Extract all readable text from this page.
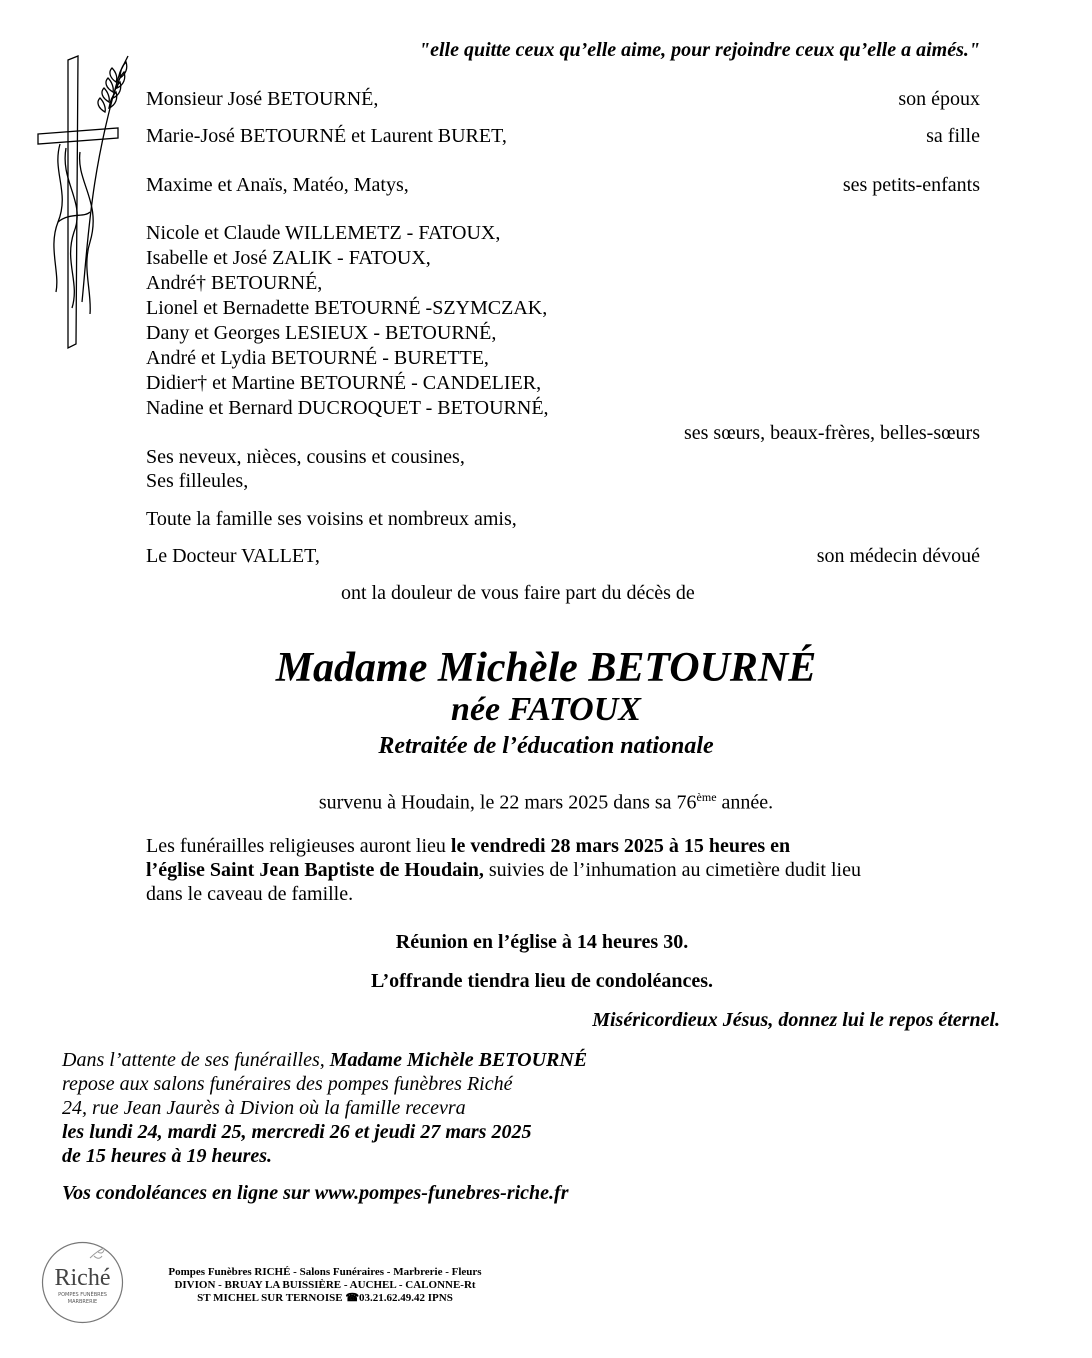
"elle quitte ceux qu’elle aime, pour rejoindre ceux qu’elle a aimés."
Monsieur José BETOURNÉ,	son époux
Marie-José BETOURNÉ et Laurent BURET,	sa fille
Maxime et Anaïs, Matéo, Matys,	ses petits-enfants
Nicole et Claude WILLEMETZ - FATOUX,
Isabelle et José ZALIK - FATOUX,
André† BETOURNÉ,
Lionel et Bernadette BETOURNÉ -SZYMCZAK,
Dany et Georges LESIEUX - BETOURNÉ,
André et Lydia BETOURNÉ - BURETTE,
Didier† et Martine BETOURNÉ - CANDELIER,
Nadine et Bernard DUCROQUET - BETOURNÉ,
ses sœurs, beaux-frères, belles-sœurs
Ses neveux, nièces, cousins et cousines,
Ses filleules,
Toute la famille ses voisins et nombreux amis,
Le Docteur VALLET,	son médecin dévoué
ont la douleur de vous faire part du décès de
Madame Michèle BETOURNÉ
née FATOUX
Retraitée de l’éducation nationale
survenu à Houdain, le 22 mars 2025 dans sa 76ème année.
Les funérailles religieuses auront lieu le vendredi 28 mars 2025 à 15 heures en
l’église Saint Jean Baptiste de Houdain, suivies de l’inhumation au cimetière dudit lieu
dans le caveau de famille.
Réunion en l’église à 14 heures 30.
L’offrande tiendra lieu de condoléances.
Miséricordieux Jésus, donnez lui le repos éternel.
Dans l’attente de ses funérailles, Madame Michèle BETOURNÉ
repose aux salons funéraires des pompes funèbres Riché
24, rue Jean Jaurès à Divion où la famille recevra
les lundi 24, mardi 25, mercredi 26 et jeudi 27 mars 2025
de 15 heures à 19 heures.
Vos condoléances en ligne sur www.pompes-funebres-riche.fr
Riché
POMPES FUNÈBRES
MARBRERIE
Pompes Funèbres RICHÉ - Salons Funéraires - Marbrerie - Fleurs
DIVION - BRUAY LA BUISSIÈRE - AUCHEL - CALONNE-Rt
ST MICHEL SUR TERNOISE ☎03.21.62.49.42 IPNS
